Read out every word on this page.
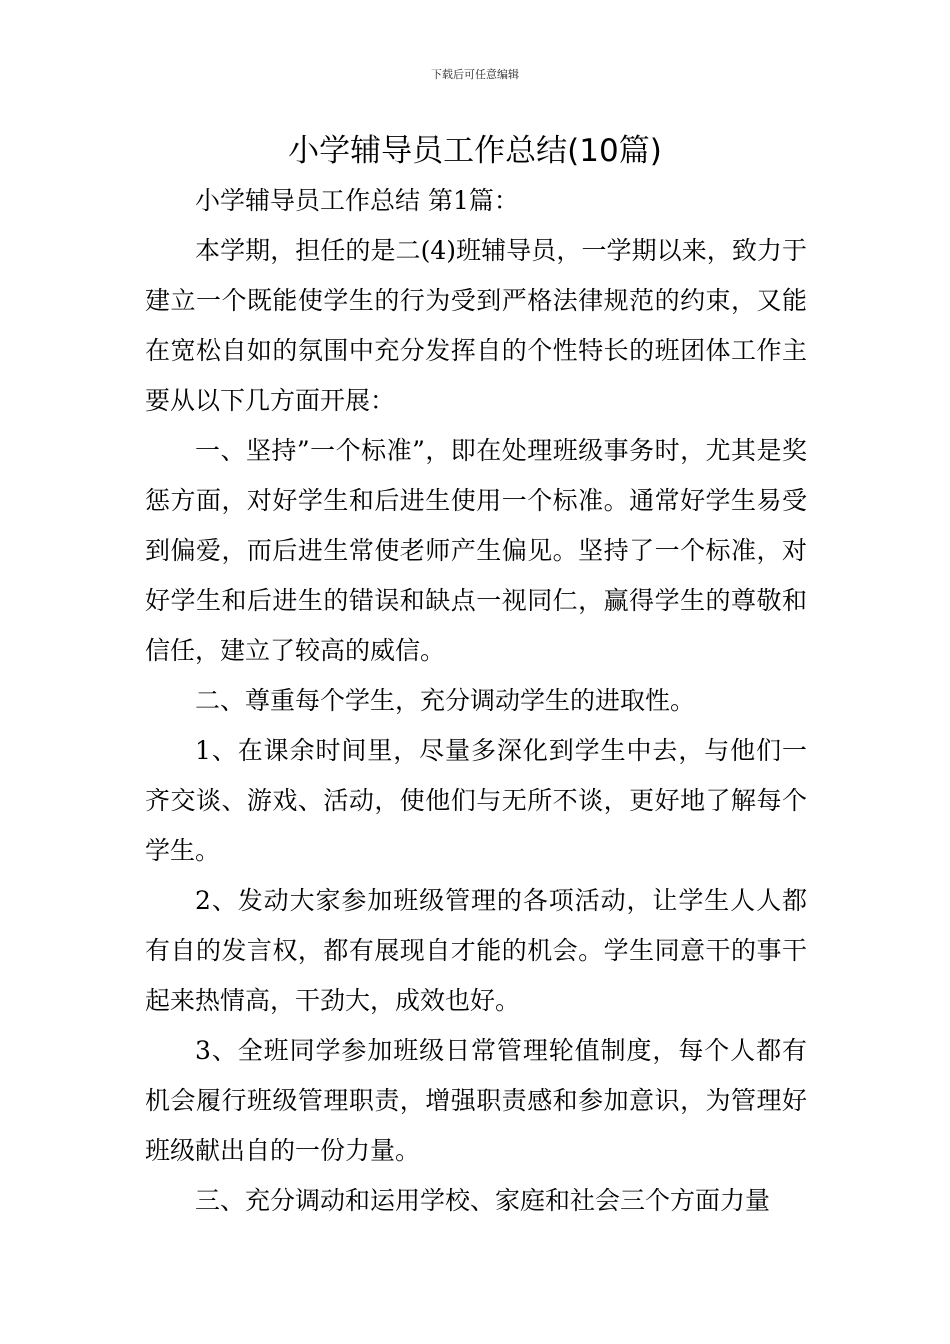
下载后可任意编辑
小学辅导员工作总结(10篇)

小学辅导员工作总结 第1篇：

本学期，担任的是二(4)班辅导员，一学期以来，致力于建立一个既能使学生的行为受到严格法律规范的约束，又能在宽松自如的氛围中充分发挥自的个性特长的班团体工作主要从以下几方面开展：

一、坚持”一个标准”，即在处理班级事务时，尤其是奖惩方面，对好学生和后进生使用一个标准。通常好学生易受到偏爱，而后进生常使老师产生偏见。坚持了一个标准，对好学生和后进生的错误和缺点一视同仁，赢得学生的尊敬和信任，建立了较高的威信。

二、尊重每个学生，充分调动学生的进取性。

1、在课余时间里，尽量多深化到学生中去，与他们一齐交谈、游戏、活动，使他们与无所不谈，更好地了解每个学生。

2、发动大家参加班级管理的各项活动，让学生人人都有自的发言权，都有展现自才能的机会。学生同意干的事干起来热情高，干劲大，成效也好。

3、全班同学参加班级日常管理轮值制度，每个人都有机会履行班级管理职责，增强职责感和参加意识，为管理好班级献出自的一份力量。

三、充分调动和运用学校、家庭和社会三个方面力量
